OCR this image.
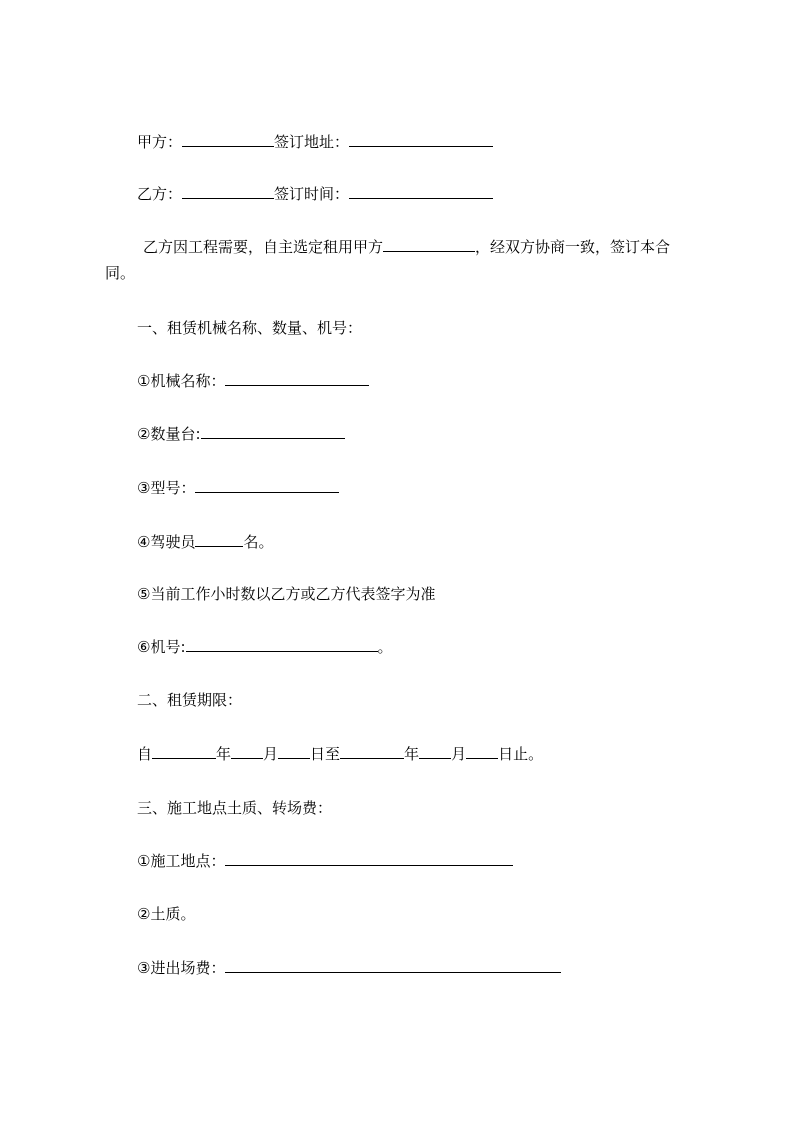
甲方：	签订地址：
乙方：	签订时间：
乙方因工程需要，自主选定租用甲方	，经双方协商一致，签订本合
同。
一、租赁机械名称、数量、机号：
①机械名称：
②数量台:
③型号：
④驾驶员	名。
⑤当前工作小时数以乙方或乙方代表签字为准
⑥机号:	。
二、租赁期限：
自	年 月 日至	年 月 日止。
三、施工地点土质、转场费：
①施工地点：
②土质。
③进出场费：
